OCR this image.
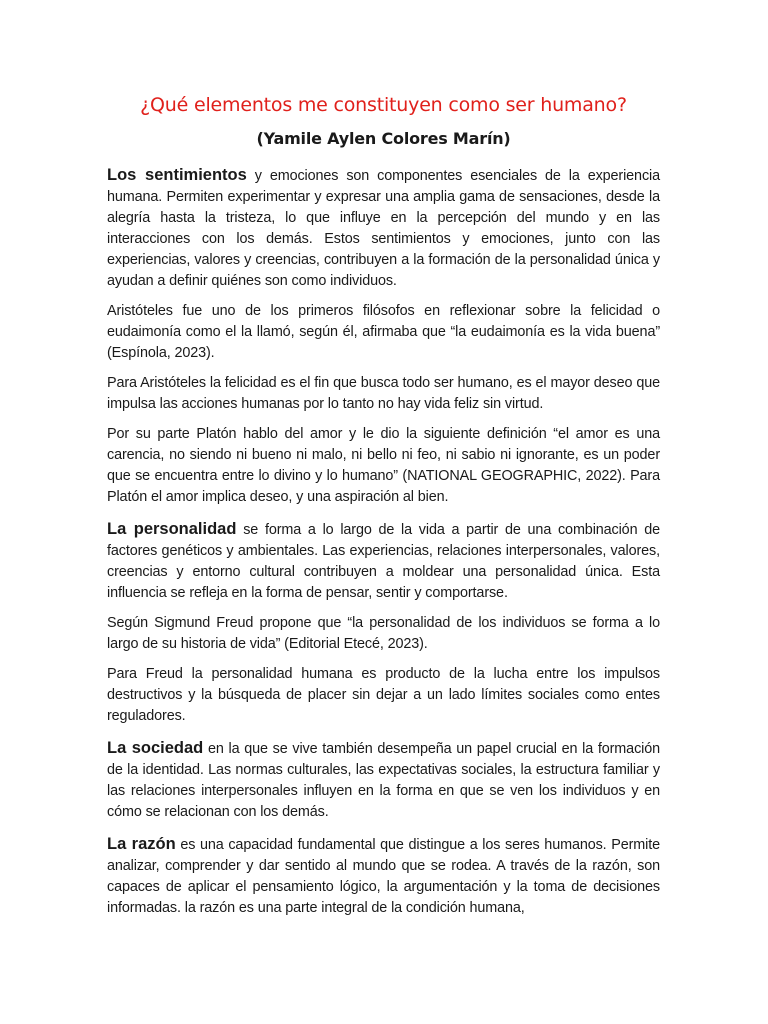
¿Qué elementos me constituyen como ser humano?
(Yamile Aylen Colores Marín)

Los sentimientos y emociones son componentes esenciales de la experiencia humana. Permiten experimentar y expresar una amplia gama de sensaciones, desde la alegría hasta la tristeza, lo que influye en la percepción del mundo y en las interacciones con los demás. Estos sentimientos y emociones, junto con las experiencias, valores y creencias, contribuyen a la formación de la personalidad única y ayudan a definir quiénes son como individuos.

Aristóteles fue uno de los primeros filósofos en reflexionar sobre la felicidad o eudaimonía como el la llamó, según él, afirmaba que “la eudaimonía es la vida buena” (Espínola, 2023).

Para Aristóteles la felicidad es el fin que busca todo ser humano, es el mayor deseo que impulsa las acciones humanas por lo tanto no hay vida feliz sin virtud.

Por su parte Platón hablo del amor y le dio la siguiente definición “el amor es una carencia, no siendo ni bueno ni malo, ni bello ni feo, ni sabio ni ignorante, es un poder que se encuentra entre lo divino y lo humano” (NATIONAL GEOGRAPHIC, 2022). Para Platón el amor implica deseo, y una aspiración al bien.

La personalidad se forma a lo largo de la vida a partir de una combinación de factores genéticos y ambientales. Las experiencias, relaciones interpersonales, valores, creencias y entorno cultural contribuyen a moldear una personalidad única. Esta influencia se refleja en la forma de pensar, sentir y comportarse.

Según Sigmund Freud propone que “la personalidad de los individuos se forma a lo largo de su historia de vida” (Editorial Etecé, 2023).

Para Freud la personalidad humana es producto de la lucha entre los impulsos destructivos y la búsqueda de placer sin dejar a un lado límites sociales como entes reguladores.

La sociedad en la que se vive también desempeña un papel crucial en la formación de la identidad. Las normas culturales, las expectativas sociales, la estructura familiar y las relaciones interpersonales influyen en la forma en que se ven los individuos y en cómo se relacionan con los demás.

La razón es una capacidad fundamental que distingue a los seres humanos. Permite analizar, comprender y dar sentido al mundo que se rodea. A través de la razón, son capaces de aplicar el pensamiento lógico, la argumentación y la toma de decisiones informadas. la razón es una parte integral de la condición humana,
